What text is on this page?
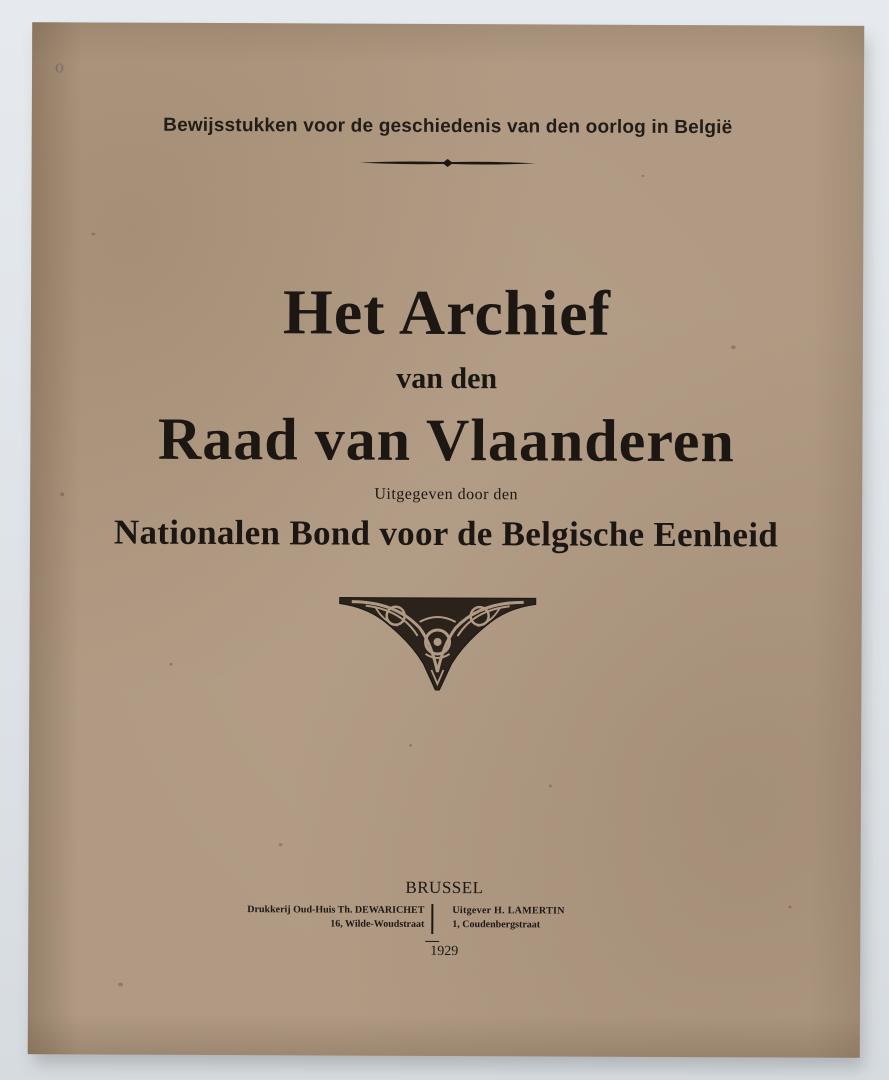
ℴ
Bewijsstukken voor de geschiedenis van den oorlog in België
Het Archief
van den
Raad van Vlaanderen
Uitgegeven door den
Nationalen Bond voor de Belgische Eenheid
BRUSSEL
Drukkerij Oud-Huis Th. DEWARICHET
16, Wilde-Woudstraat
Uitgever H. LAMERTIN
1, Coudenbergstraat
1929
